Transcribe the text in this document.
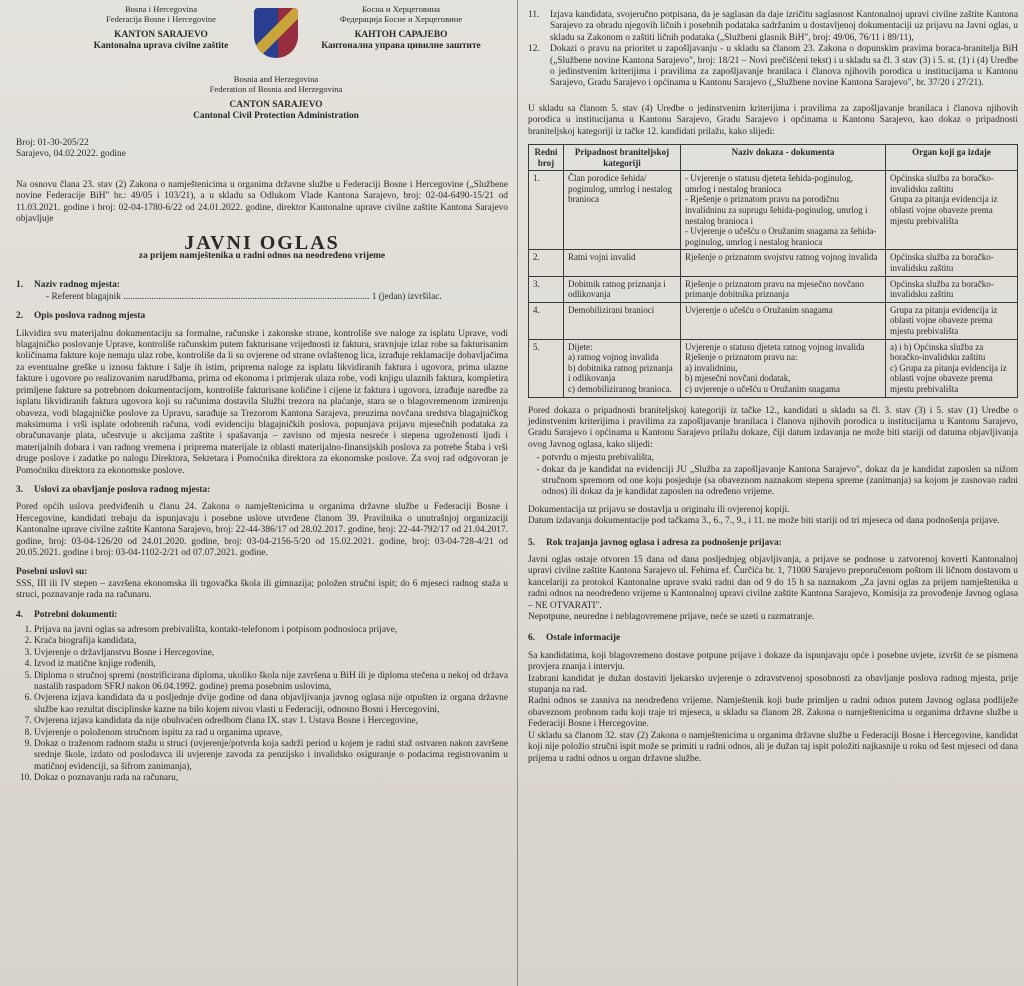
Bosna i Hercegovina
Federacija Bosne i Hercegovine
KANTON SARAJEVO
Kantonalna uprava civilne zaštite
Босна и Херцеговина
Федерација Босне и Херцеговине
КАНТОН САРАЈЕВО
Кантонална управа цивилне заштите
Bosnia and Herzegovina
Federation of Bosnia and Herzegovina
CANTON SARAJEVO
Cantonal Civil Protection Administration
Broj: 01-30-205/22
Sarajevo, 04.02.2022. godine

Na osnovu člana 23. stav (2) Zakona o namještenicima u organima državne službe u Federaciji Bosne i Hercegovine („Službene novine Federacije BiH" br.: 49/05 i 103/21), a u skladu sa Odlukom Vlade Kantona Sarajevo, broj: 02-04-6490-15/21 od 11.03.2021. godine i broj: 02-04-1780-6/22 od 24.01.2022. godine, direktor Kantonalne uprave civilne zaštite Kantona Sarajevo objavljuje

JAVNI OGLAS
za prijem namještenika u radni odnos na neodređeno vrijeme
1. Naziv radnog mjesta:

- Referent blagajnik ......................................................................................................... 1 (jedan) izvršilac.

2. Opis poslova radnog mjesta

Likvidira svu materijalnu dokumentaciju sa formalne, računske i zakonske strane, kontroliše sve naloge za isplatu Uprave, vodi blagajničko poslovanje Uprave, kontroliše računskim putem fakturisane vrijednosti iz faktura, sravnjuje izlaz robe sa fakturisanim količinama fakture koje nemaju ulaz robe, kontroliše da li su ovjerene od strane ovlaštenog lica, izrađuje reklamacije dobavljačima za eventualne greške u iznosu fakture i šalje ih istim, priprema naloge za isplatu likvidiranih faktura i ugovora, prima ulazne fakture i ugovore po realizovanim narudžbama, prima od ekonoma i primjerak ulaza robe, vodi knjigu ulaznih faktura, kompletira primljene fakture sa potrebnom dokumentacijom, kontroliše fakturisane količine i cijene iz faktura i ugovora, izrađuje naredbe za isplatu likvidiranih faktura ugovora koji su računima dostavila Službi trezora na plaćanje, stara se o blagovremenom izmirenju obaveza, vodi blagajničke poslove za Upravu, sarađuje sa Trezorom Kantona Sarajeva, preuzima novčana sredstva blagajničkog maksimuma i vrši isplate odobrenih računa, vodi evidenciju blagajničkih poslova, popunjava prijavu mjesečnih podataka za obračunavanje plata, učestvuje u akcijama zaštite i spašavanja – zavisno od mjesta nesreće i stepena ugroženosti ljudi i materijalnih dobara i van radnog vremena i priprema materijale iz oblasti materijalno-finansijskih poslova za potrebe Štaba i vrši druge poslove i zadatke po nalogu Direktora, Sekretara i Pomoćnika direktora za ekonomske poslove. Za svoj rad odgovoran je Pomoćniku direktora za ekonomske poslove.

3. Uslovi za obavljanje poslova radnog mjesta:

Pored općih uslova predviđenih u članu 24. Zakona o namještenicima u organima državne službe u Federaciji Bosne i Hercegovine, kandidati trebaju da ispunjavaju i posebne uslove utvrđene članom 39. Pravilnika o unutrašnjoj organizaciji Kantonalne uprave civilne zaštite Kantona Sarajevo, broj: 22-44-386/17 od 28.02.2017. godine, broj: 22-44-792/17 od 21.04.2017. godine, broj: 03-04-126/20 od 24.01.2020. godine, broj: 03-04-2156-5/20 od 15.02.2021. godine, broj: 03-04-728-4/21 od 20.05.2021. godine i broj: 03-04-1102-2/21 od 07.07.2021. godine.

Posebni uslovi su:

SSS, III ili IV stepen – završena ekonomska ili trgovačka škola ili gimnazija; položen stručni ispit; do 6 mjeseci radnog staža u struci, poznavanje rada na računaru.

4. Potrebni dokumenti:
1. Prijava na javni oglas sa adresom prebivališta, kontakt-telefonom i potpisom podnosioca prijave,
2. Kraća biografija kandidata,
3. Uvjerenje o državljanstvu Bosne i Hercegovine,
4. Izvod iz matične knjige rođenih,
5. Diploma o stručnoj spremi (nostrificirana diploma, ukoliko škola nije završena u BiH ili je diploma stečena u nekoj od država nastalih raspadom SFRJ nakon 06.04.1992. godine) prema posebnim uslovima,
6. Ovjerena izjava kandidata da u posljednje dvije godine od dana objavljivanja javnog oglasa nije otpušten iz organa državne službe kao rezultat disciplinske kazne na bilo kojem nivou vlasti u Federaciji, odnosno Bosni i Hercegovini,
7. Ovjerena izjava kandidata da nije obuhvaćen odredbom člana IX. stav 1. Ustava Bosne i Hercegovine,
8. Uvjerenje o položenom stručnom ispitu za rad u organima uprave,
9. Dokaz o traženom radnom stažu u struci (uvjerenje/potvrda koja sadrži period u kojem je radni staž ostvaren nakon završene srednje škole, izdato od poslodavca ili uvjerenje zavoda za penzijsko i invalidsko osiguranje o podacima registrovanim u matičnoj evidenciji, sa šifrom zanimanja),
10. Dokaz o poznavanju rada na računaru,
11.	Izjava kandidata, svojeručno potpisana, da je saglasan da daje izričitu saglasnost Kantonalnoj upravi civilne zaštite Kantona Sarajevo za obradu njegovih ličnih i posebnih podataka sadržanim u dostavljenoj dokumentaciji uz prijavu na Javni oglas, u skladu sa Zakonom o zaštiti ličnih podataka („Službeni glasnik BiH", broj: 49/06, 76/11 i 89/11),
12.	Dokazi o pravu na prioritet u zapošljavanju - u skladu sa članom 23. Zakona o dopunskim pravima boraca-branitelja BiH („Službene novine Kantona Sarajevo", broj: 18/21 – Novi prečišćeni tekst) i u skladu sa čl. 3 stav (3) i 5. st. (1) i (4) Uredbe o jedinstvenim kriterijima i pravilima za zapošljavanje branilaca i članova njihovih porodica u institucijama u Kantonu Sarajevo, Gradu Sarajevo i općinama u Kantonu Sarajevo („Službene novine Kantona Sarajevo", br. 37/20 i 27/21).

U skladu sa članom 5. stav (4) Uredbe o jedinstvenim kriterijima i pravilima za zapošljavanje branilaca i članova njihovih porodica u institucijama u Kantonu Sarajevo, Gradu Sarajevo i općinama u Kantonu Sarajevo, kao dokaz o pripadnosti braniteljskoj kategoriji iz tačke 12. kandidati prilažu, kako slijedi:

Redni broj	Pripadnost braniteljskoj kategoriji	Naziv dokaza - dokumenta	Organ koji ga izdaje
1.	Član porodice šehida/ poginulog, umrlog i nestalog branioca	- Uvjerenje o statusu djeteta šehida-poginulog, umrlog i nestalog branioca
- Rješenje o priznatom pravu na porodičnu invalidninu za suprugu šehida-poginulog, umrlog i nestalog branioca i
- Uvjerenje o učešću o Oružanim snagama za šehida-poginulog, umrlog i nestalog branioca	Općinska služba za boračko-invalidsku zaštitu
Grupa za pitanja evidencija iz oblasti vojne obaveze prema mjestu prebivališta
2.	Ratni vojni invalid	Rješenje o priznatom svojstvu ratnog vojnog invalida	Općinska služba za boračko-invalidsku zaštitu
3.	Dobitnik ratnog priznanja i odlikovanja	Rješenje o priznatom pravu na mjesečno novčano primanje dobitnika priznanja	Općinska služba za boračko-invalidsku zaštitu
4.	Demobilizirani branioci	Uvjerenje o učešću o Oružanim snagama	Grupa za pitanja evidencija iz oblasti vojne obaveze prema mjestu prebivališta
5.	Dijete:
a) ratnog vojnog invalida
b) dobitnika ratnog priznanja i odlikovanja
c) demobiliziranog branioca.	Uvjerenje o statusu djeteta ratnog vojnog invalida
Rješenje o priznatom pravu na:
a) invalidninu,
b) mjesečni novčani dodatak,
c) uvjerenje o učešću u Oružanim snagama	a) i b) Općinska služba za boračko-invalidsku zaštitu
c) Grupa za pitanja evidencija iz oblasti vojne obaveze prema mjestu prebivališta

Pored dokaza o pripadnosti braniteljskoj kategoriji iz tačke 12., kandidati u skladu sa čl. 3. stav (3) i 5. stav (1) Uredbe o jedinstvenim kriterijima i pravilima za zapošljavanje branilaca i članova njihovih porodica u institucijama u Kantonu Sarajevo, Gradu Sarajevo i općinama u Kantonu Sarajevo prilažu dokaze, čiji datum izdavanja ne može biti stariji od datuma objavljivanja ovog Javnog oglasa, kako slijedi:

- potvrdu o mjestu prebivališta,
- dokaz da je kandidat na evidenciji JU „Služba za zapošljavanje Kantona Sarajevo", dokaz da je kandidat zaposlen sa nižom stručnom spremom od one koju posjeduje (sa obaveznom naznakom stepena spreme (zanimanja) sa kojom je zasnovao radni odnos) ili dokaz da je kandidat zaposlen na određeno vrijeme.

Dokumentacija uz prijavu se dostavlja u originalu ili ovjerenoj kopiji.

Datum izdavanja dokumentacije pod tačkama 3., 6., 7., 9., i 11. ne može biti stariji od tri mjeseca od dana podnošenja prijave.

5. Rok trajanja javnog oglasa i adresa za podnošenje prijava:

Javni oglas ostaje otvoren 15 dana od dana posljednjeg objavljivanja, a prijave se podnose u zatvorenoj koverti Kantonalnoj upravi civilne zaštite Kantona Sarajevo ul. Fehima ef. Čurčića br. 1, 71000 Sarajevo preporučenom poštom ili ličnom dostavom u kancelariji za protokol Kantonalne uprave svaki radni dan od 9 do 15 h sa naznakom „Za javni oglas za prijem namještenika u radni odnos na neodređeno vrijeme u Kantonalnoj upravi civilne zaštite Kantona Sarajevo, Komisija za provođenje Javnog oglasa – NE OTVARATI".

Nepotpune, neuredne i neblagovremene prijave, neće se uzeti u razmatranje.

6. Ostale informacije

Sa kandidatima, koji blagovremeno dostave potpune prijave i dokaze da ispunjavaju opće i posebne uvjete, izvršit će se pismena provjera znanja i intervju.

Izabrani kandidat je dužan dostaviti ljekarsko uvjerenje o zdravstvenoj sposobnosti za obavljanje poslova radnog mjesta, prije stupanja na rad.

Radni odnos se zasniva na neodređeno vrijeme. Namještenik koji bude primljen u radni odnos putem Javnog oglasa podliježe obaveznom probnom radu koji traje tri mjeseca, u skladu sa članom 28. Zakona o namještenicima u organima državne službe u Federaciji Bosne i Hercegovine.

U skladu sa članom 32. stav (2) Zakona o namještenicima u organima državne službe u Federaciji Bosne i Hercegovine, kandidat koji nije položio stručni ispit može se primiti u radni odnos, ali je dužan taj ispit položiti najkasnije u roku od šest mjeseci od dana prijema u radni odnos u organ državne službe.
